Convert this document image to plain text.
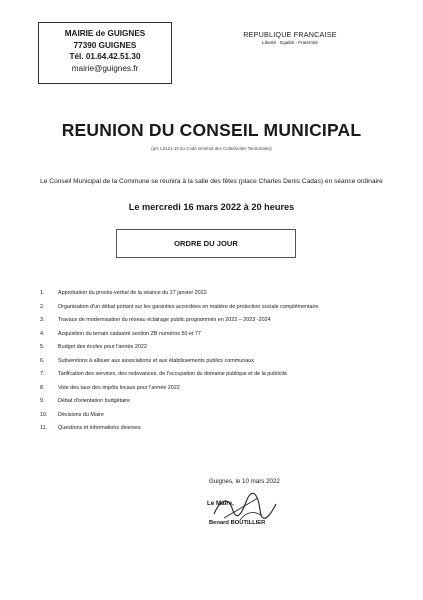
MAIRIE de GUIGNES
77390 GUIGNES
Tél. 01.64.42.51.30
mairie@guignes.fr
REPUBLIQUE FRANCAISE
Liberté · Egalité · Fraternité
REUNION DU CONSEIL MUNICIPAL
(art. L2121-10 du Code Général des Collectivités Territoriales)
Le Conseil Municipal de la Commune se réunira à la salle des fêtes (place Charles Denis Cadas) en séance ordinaire
Le mercredi 16 mars 2022 à 20 heures
ORDRE DU JOUR
1.	Approbation du procès-verbal de la séance du 27 janvier 2022
2.	Organisation d'un débat portant sur les garanties accordées en matière de protection sociale complémentaire
3.	Travaux de modernisation du réseau éclairage public programmés en 2022 – 2023 -2024
4.	Acquisition du terrain cadastré section ZB numéros 50 et 77
5.	Budget des écoles pour l'année 2022
6.	Subventions à allouer aux associations et aux établissements publics communaux
7.	Tarification des services, des redevances, de l'occupation du domaine publique et de la publicité
8.	Vote des taux des impôts locaux pour l'année 2022
9.	Débat d'orientation budgétaire
10.	Décisions du Maire
11.	Questions et informations diverses
Guignes, le 10 mars 2022
Le Maire,
Benard BOUTILLIER
